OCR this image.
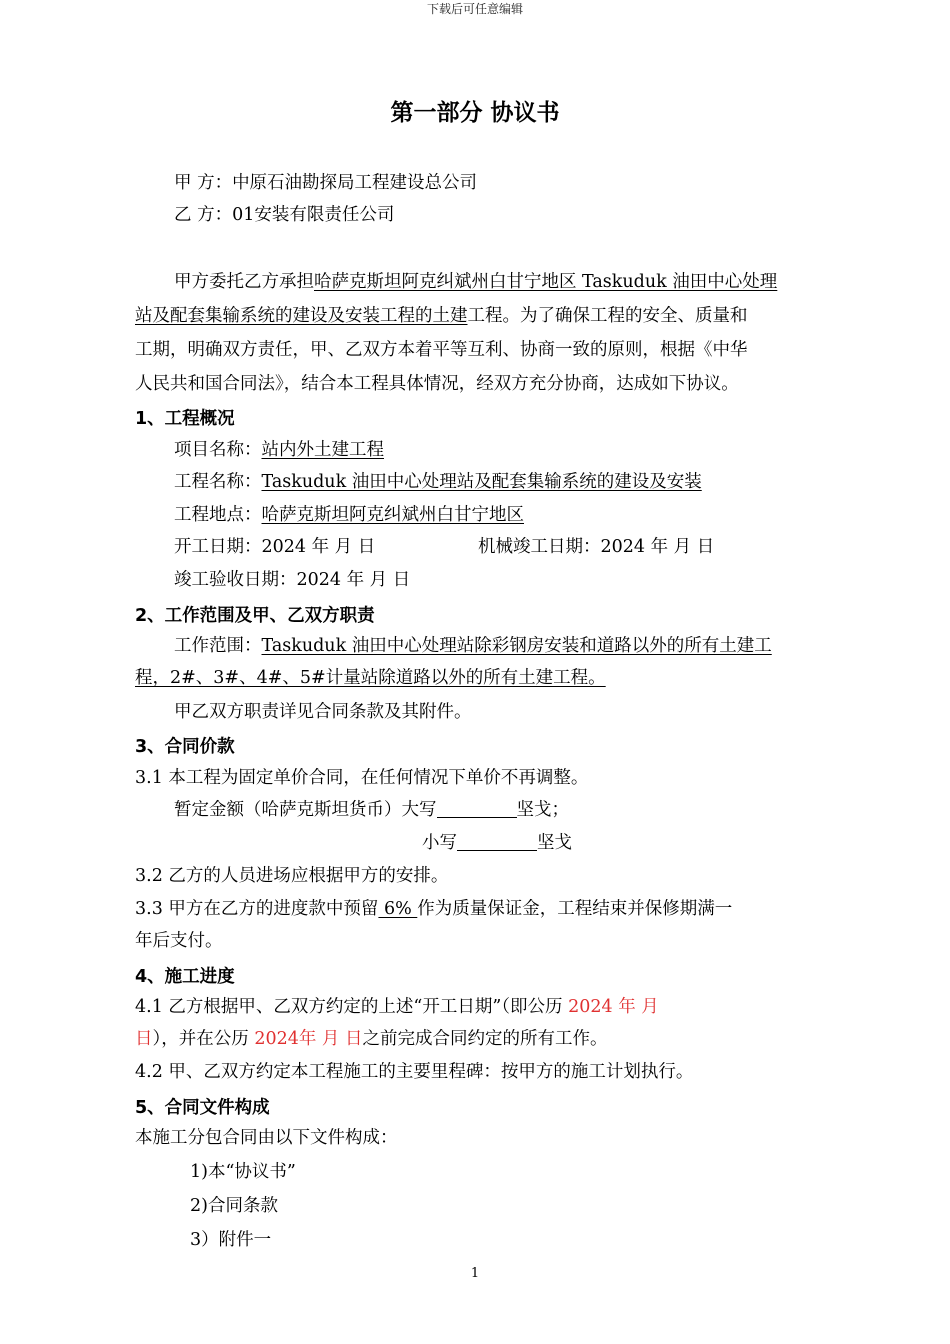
下载后可任意编辑
第一部分 协议书
甲 方：中原石油勘探局工程建设总公司
乙 方：01安装有限责任公司
甲方委托乙方承担哈萨克斯坦阿克纠斌州白甘宁地区 Taskuduk 油田中心处理
站及配套集输系统的建设及安装工程的土建工程。为了确保工程的安全、质量和
工期，明确双方责任，甲、乙双方本着平等互利、协商一致的原则，根据《中华
人民共和国合同法》，结合本工程具体情况，经双方充分协商，达成如下协议。
1、工程概况
项目名称：站内外土建工程
工程名称：Taskuduk 油田中心处理站及配套集输系统的建设及安装
工程地点：哈萨克斯坦阿克纠斌州白甘宁地区
开工日期：2024 年 月 日	机械竣工日期：2024 年 月 日
竣工验收日期：2024 年 月 日
2、工作范围及甲、乙双方职责
工作范围：Taskuduk 油田中心处理站除彩钢房安装和道路以外的所有土建工
程，2#、3#、4#、5#计量站除道路以外的所有土建工程。
甲乙双方职责详见合同条款及其附件。
3、合同价款
3.1 本工程为固定单价合同，在任何情况下单价不再调整。
暂定金额（哈萨克斯坦货币）大写	坚戈；
小写	坚戈
3.2 乙方的人员进场应根据甲方的安排。
3.3 甲方在乙方的进度款中预留 6% 作为质量保证金，工程结束并保修期满一
年后支付。
4、施工进度
4.1 乙方根据甲、乙双方约定的上述“开工日期”（即公历 2024 年 月
日），并在公历 2024年 月 日之前完成合同约定的所有工作。
4.2 甲、乙双方约定本工程施工的主要里程碑：按甲方的施工计划执行。
5、合同文件构成
本施工分包合同由以下文件构成：
1)本“协议书”
2)合同条款
3）附件一
1
